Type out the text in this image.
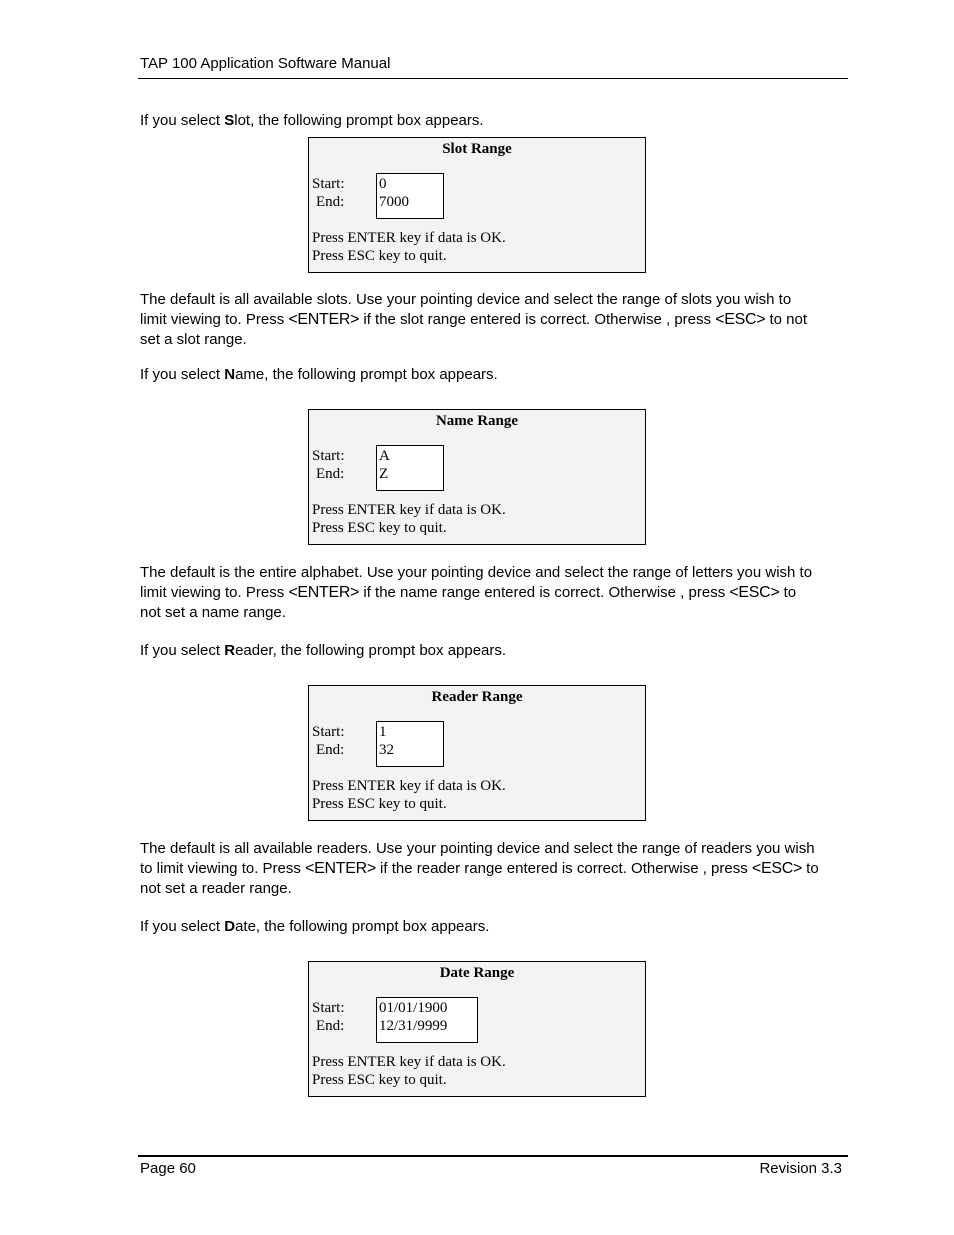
TAP 100 Application Software Manual

If you select Slot, the following prompt box appears.

Slot Range
Start:
End:
0
7000
Press ENTER key if data is OK.
Press ESC key to quit.

The default is all available slots. Use your pointing device and select the range of slots you wish to limit viewing to. Press <ENTER> if the slot range entered is correct. Otherwise , press <ESC> to not set a slot range.

If you select Name, the following prompt box appears.

Name Range
Start:
End:
A
Z
Press ENTER key if data is OK.
Press ESC key to quit.

The default is the entire alphabet. Use your pointing device and select the range of letters you wish to limit viewing to. Press <ENTER> if the name range entered is correct. Otherwise , press <ESC> to not set a name range.

If you select Reader, the following prompt box appears.

Reader Range
Start:
End:
1
32
Press ENTER key if data is OK.
Press ESC key to quit.

The default is all available readers. Use your pointing device and select the range of readers you wish to limit viewing to. Press <ENTER> if the reader range entered is correct. Otherwise , press <ESC> to not set a reader range.

If you select Date, the following prompt box appears.

Date Range
Start:
End:
01/01/1900
12/31/9999
Press ENTER key if data is OK.
Press ESC key to quit.
Page 60	Revision 3.3
